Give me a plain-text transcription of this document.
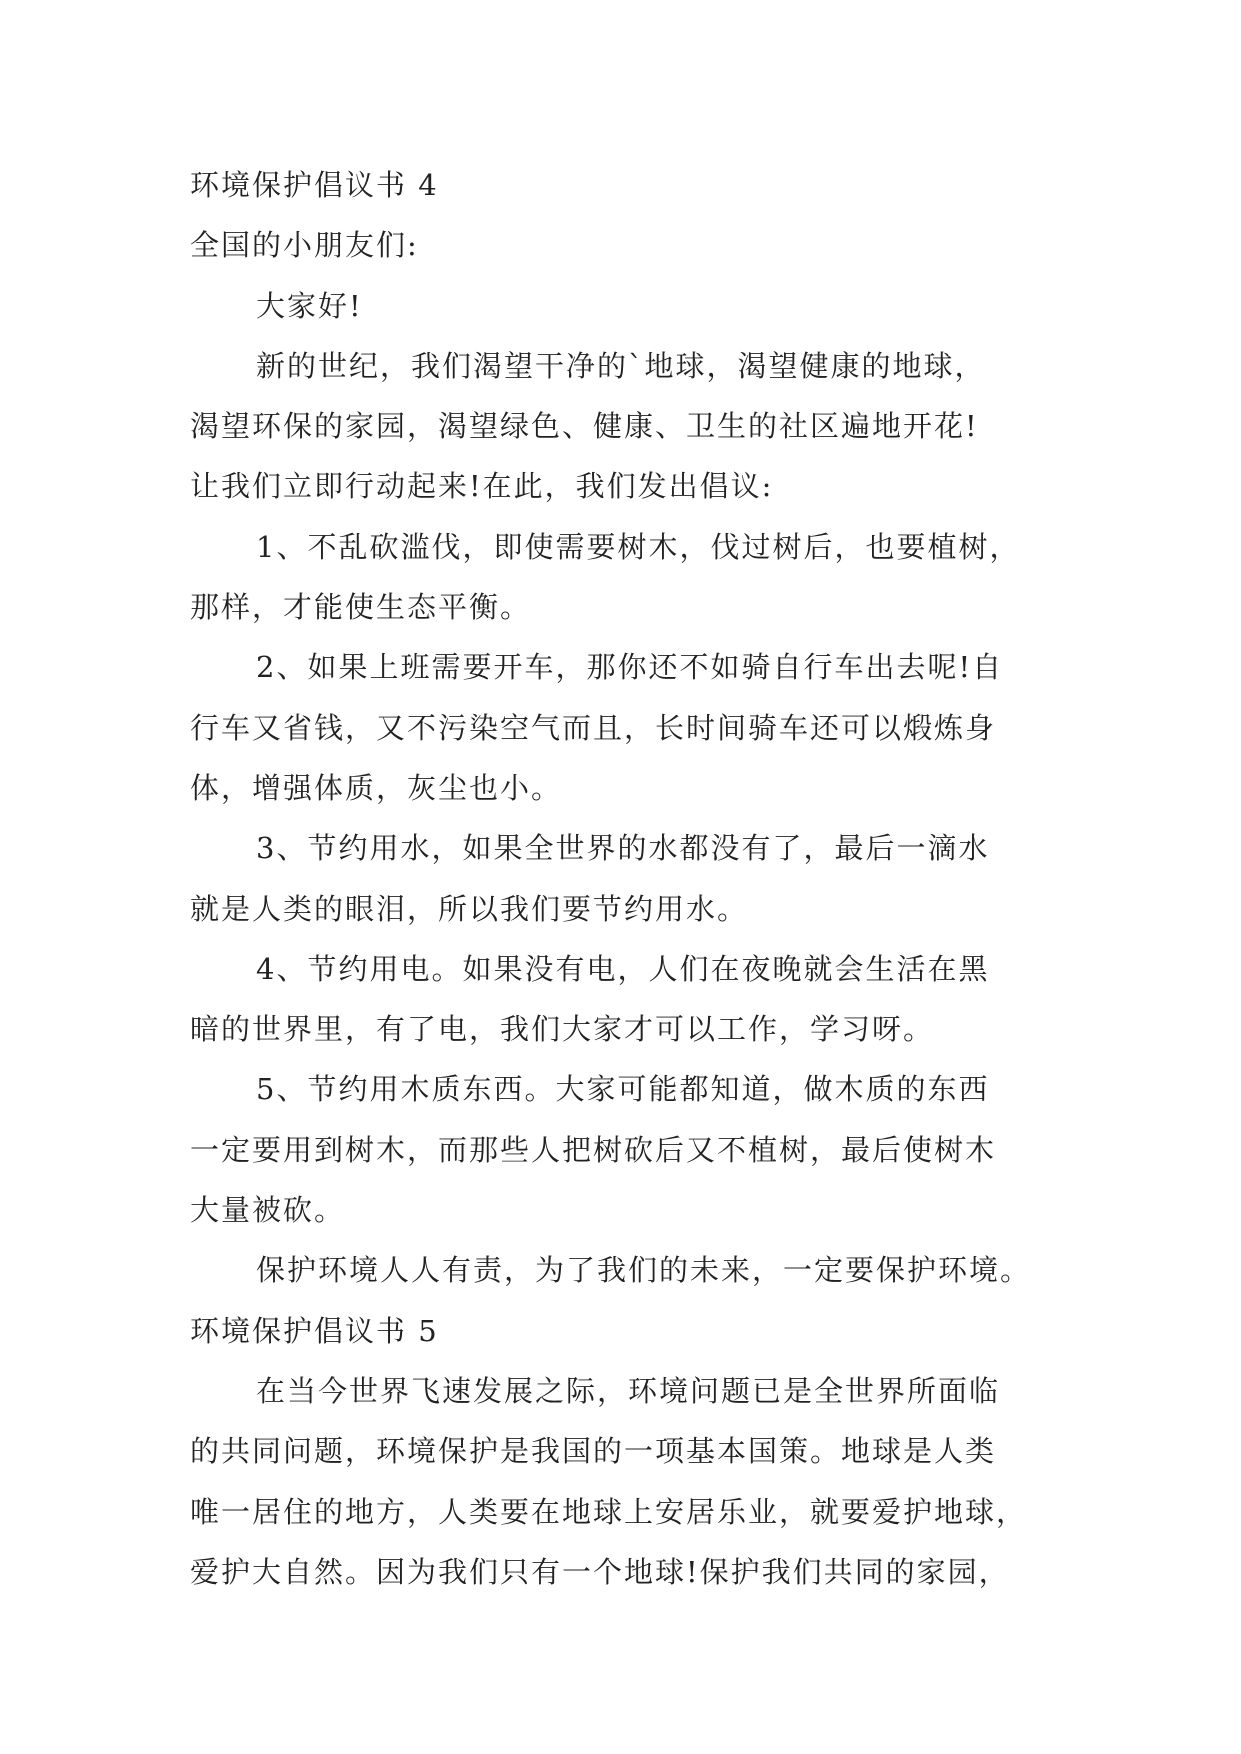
环境保护倡议书 4
全国的小朋友们:
大家好!
新的世纪，我们渴望干净的`地球，渴望健康的地球，
渴望环保的家园，渴望绿色、健康、卫生的社区遍地开花!
让我们立即行动起来!在此，我们发出倡议:
1、不乱砍滥伐，即使需要树木，伐过树后，也要植树，
那样，才能使生态平衡。
2、如果上班需要开车，那你还不如骑自行车出去呢!自
行车又省钱，又不污染空气而且，长时间骑车还可以煅炼身
体，增强体质，灰尘也小。
3、节约用水，如果全世界的水都没有了，最后一滴水
就是人类的眼泪，所以我们要节约用水。
4、节约用电。如果没有电，人们在夜晚就会生活在黑
暗的世界里，有了电，我们大家才可以工作，学习呀。
5、节约用木质东西。大家可能都知道，做木质的东西
一定要用到树木，而那些人把树砍后又不植树，最后使树木
大量被砍。
保护环境人人有责，为了我们的未来，一定要保护环境。
环境保护倡议书 5
在当今世界飞速发展之际，环境问题已是全世界所面临
的共同问题，环境保护是我国的一项基本国策。地球是人类
唯一居住的地方，人类要在地球上安居乐业，就要爱护地球，
爱护大自然。因为我们只有一个地球!保护我们共同的家园，
